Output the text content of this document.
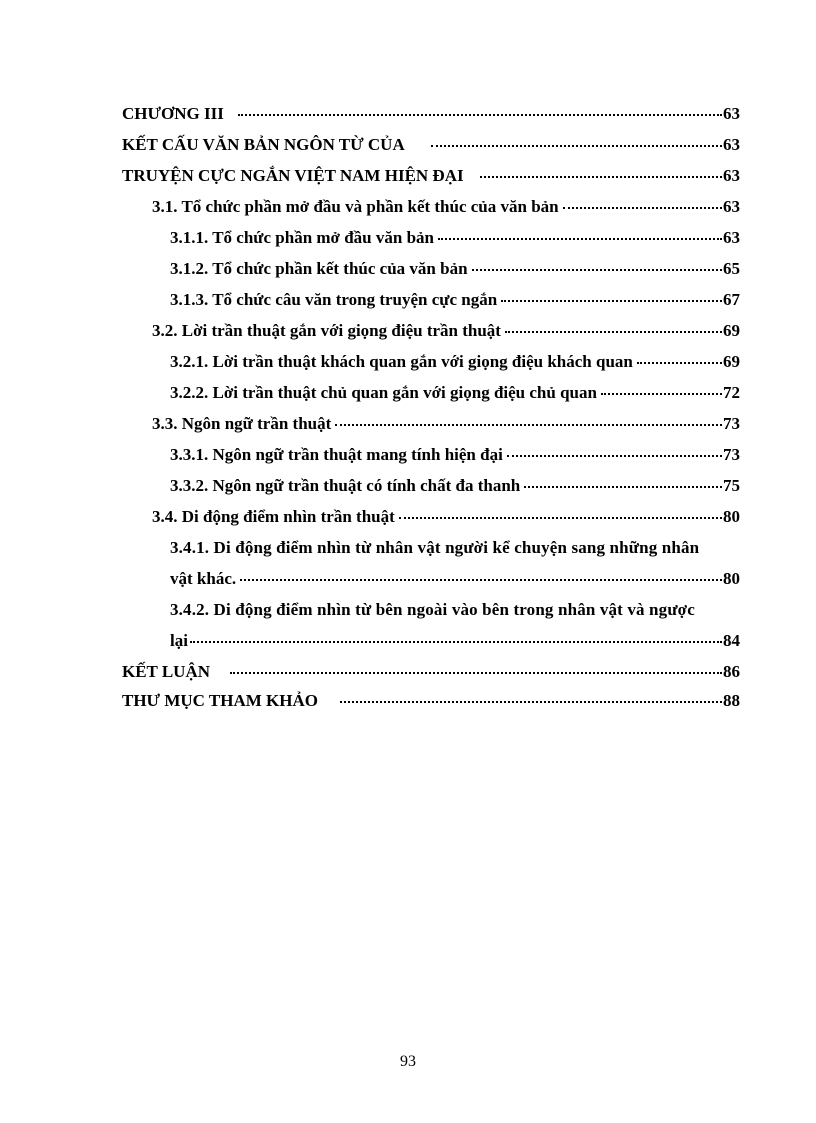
CHƯƠNG III	63
KẾT CẤU VĂN BẢN NGÔN TỪ CỦA	63
TRUYỆN CỰC NGẮN VIỆT NAM HIỆN ĐẠI	63
3.1. Tổ chức phần mở đầu và phần kết thúc của văn bản	63
3.1.1. Tổ chức phần mở đầu văn bản	63
3.1.2. Tổ chức phần kết thúc của văn bản	65
3.1.3. Tổ chức câu văn trong truyện cực ngắn	67
3.2. Lời trần thuật gắn với giọng điệu trần thuật	69
3.2.1. Lời trần thuật khách quan gắn với giọng điệu khách quan	69
3.2.2. Lời trần thuật chủ quan gắn với giọng điệu chủ quan	72
3.3. Ngôn ngữ trần thuật	73
3.3.1. Ngôn ngữ trần thuật mang tính hiện đại	73
3.3.2. Ngôn ngữ trần thuật có tính chất đa thanh	75
3.4. Di động điểm nhìn trần thuật	80
3.4.1. Di động điểm nhìn từ nhân vật người kể chuyện sang những nhân
vật khác.	80
3.4.2. Di động điểm nhìn từ bên ngoài vào bên trong nhân vật và ngược
lại	84
KẾT LUẬN	86
THƯ MỤC THAM KHẢO	88
93
